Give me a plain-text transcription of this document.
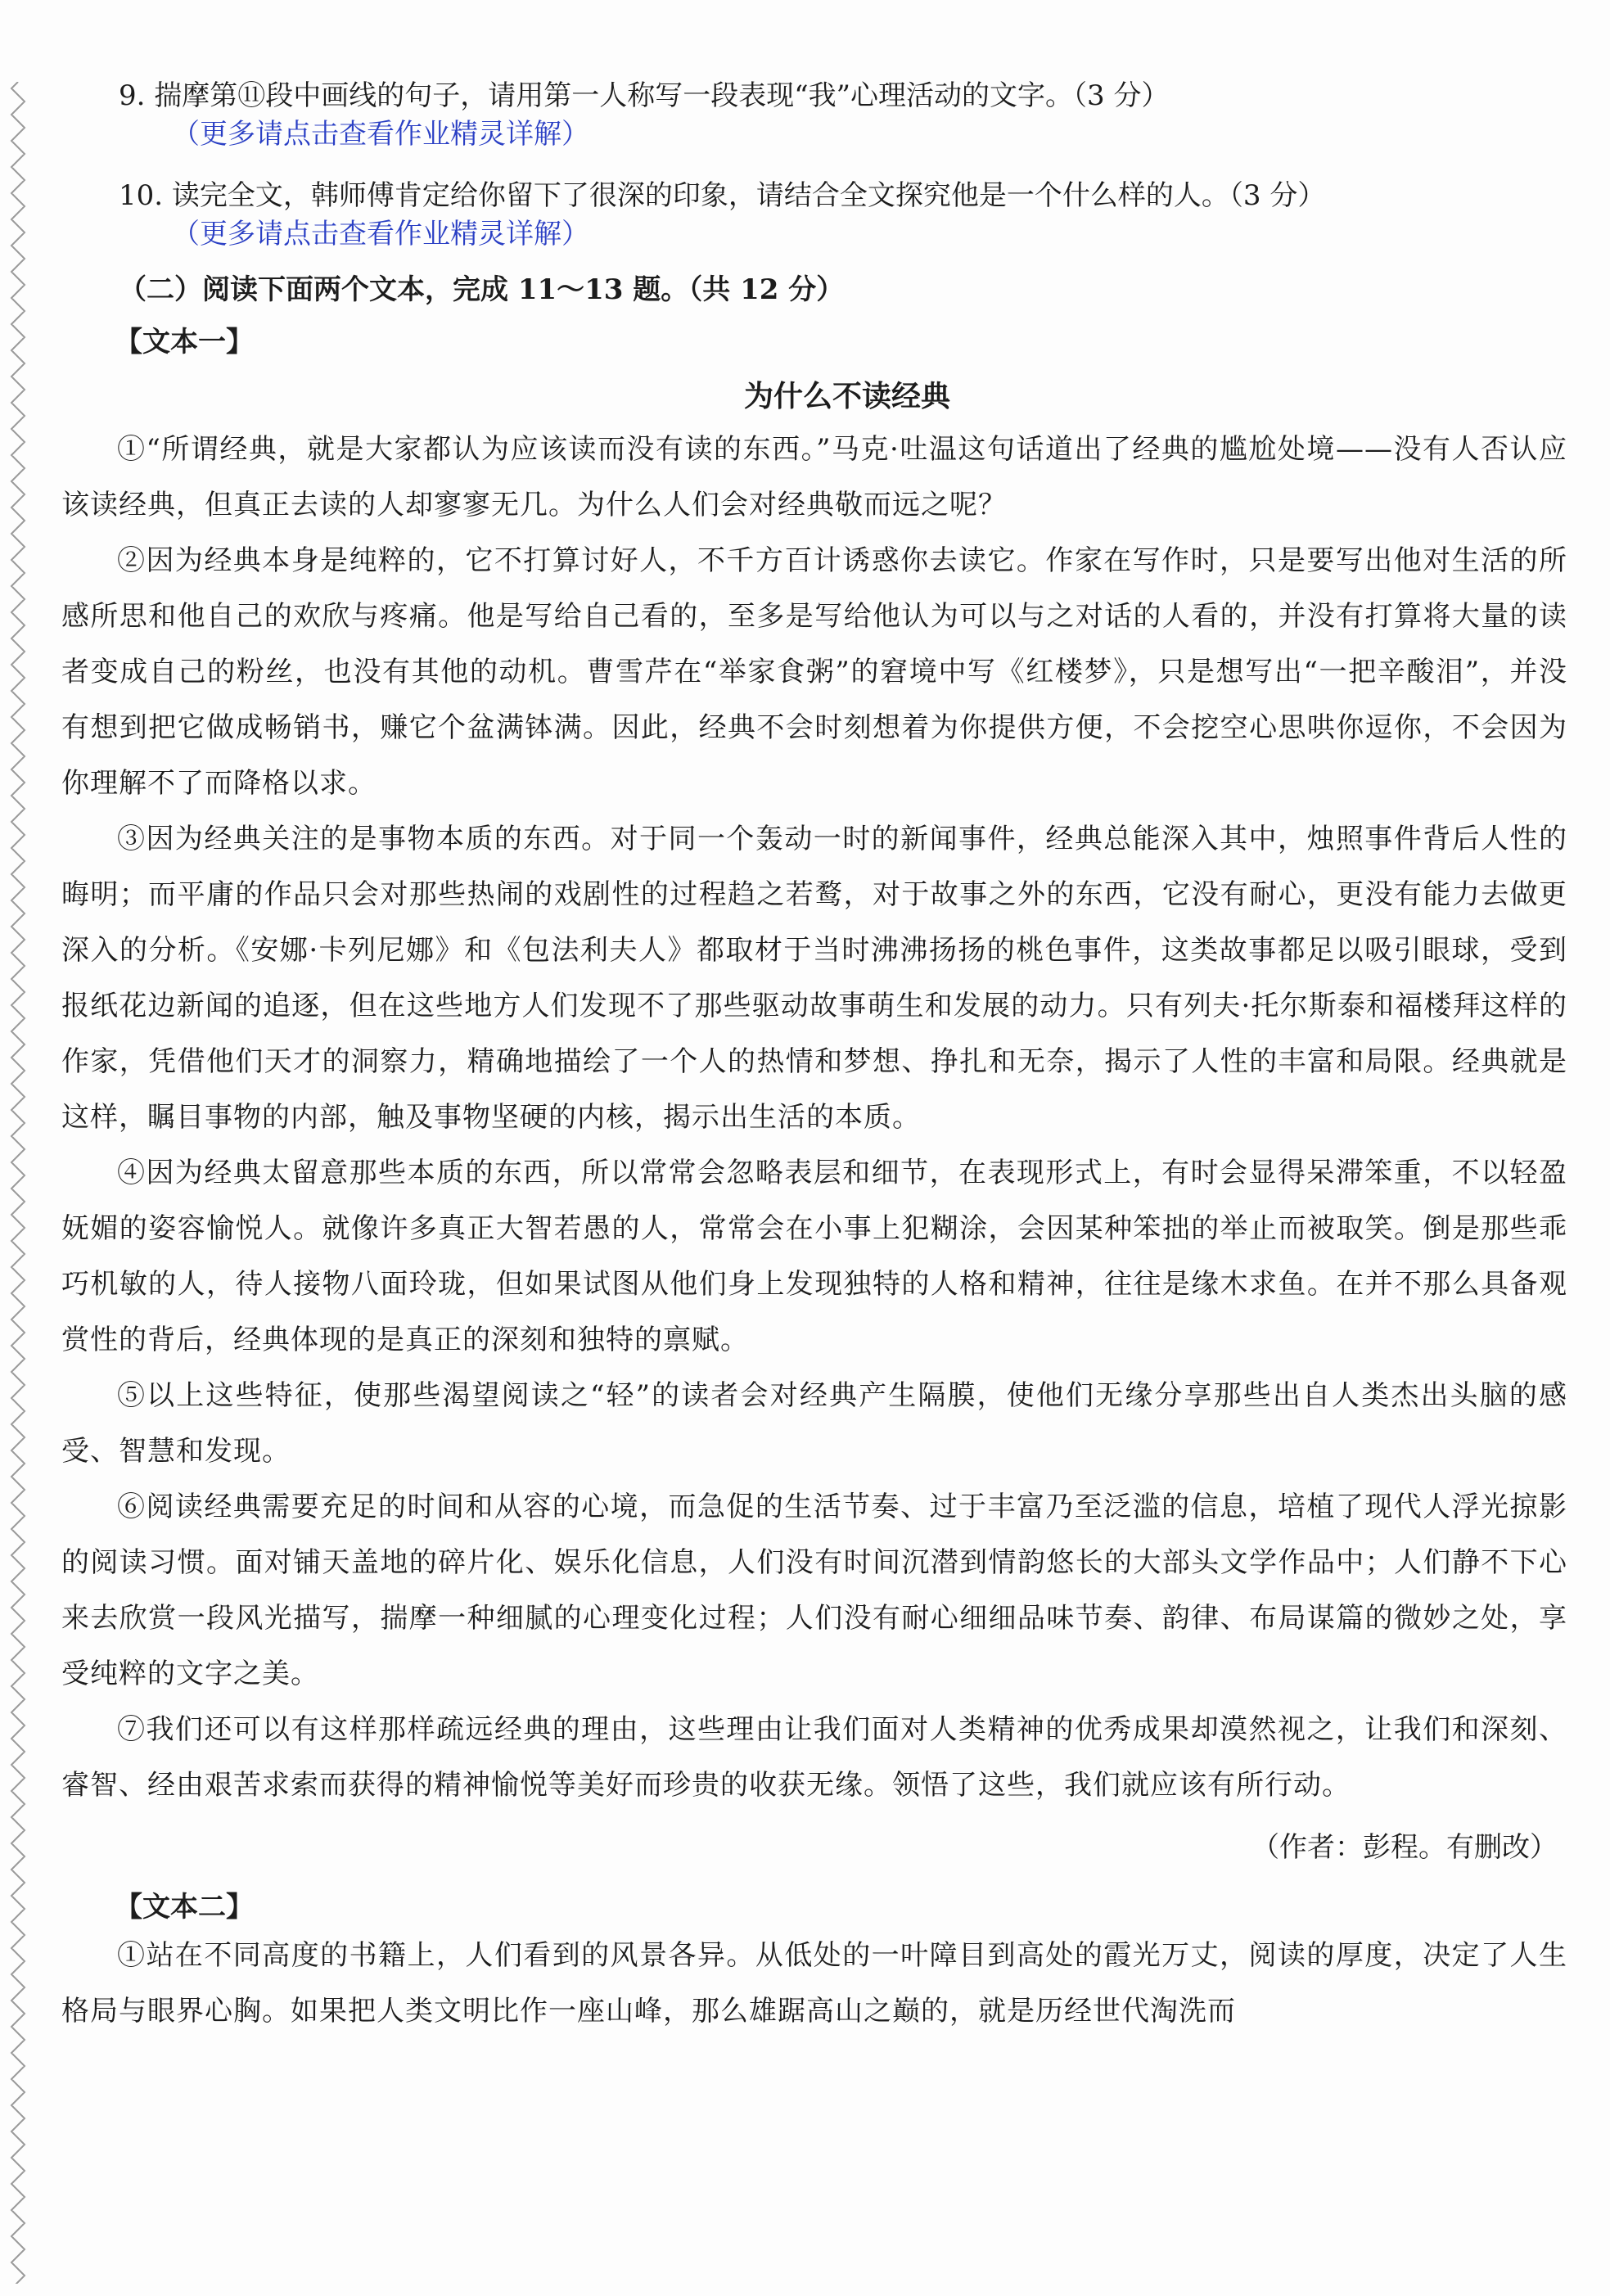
9. 揣摩第⑪段中画线的句子，请用第一人称写一段表现“我”心理活动的文字。（3 分）
（更多请点击查看作业精灵详解）
10. 读完全文，韩师傅肯定给你留下了很深的印象，请结合全文探究他是一个什么样的人。（3 分）
（更多请点击查看作业精灵详解）
（二）阅读下面两个文本，完成 11～13 题。（共 12 分）
【文本一】
为什么不读经典

①“所谓经典，就是大家都认为应该读而没有读的东西。”马克·吐温这句话道出了经典的尴尬处境——没有人否认应该读经典，但真正去读的人却寥寥无几。为什么人们会对经典敬而远之呢？

②因为经典本身是纯粹的，它不打算讨好人，不千方百计诱惑你去读它。作家在写作时，只是要写出他对生活的所感所思和他自己的欢欣与疼痛。他是写给自己看的，至多是写给他认为可以与之对话的人看的，并没有打算将大量的读者变成自己的粉丝，也没有其他的动机。曹雪芹在“举家食粥”的窘境中写《红楼梦》，只是想写出“一把辛酸泪”，并没有想到把它做成畅销书，赚它个盆满钵满。因此，经典不会时刻想着为你提供方便，不会挖空心思哄你逗你，不会因为你理解不了而降格以求。

③因为经典关注的是事物本质的东西。对于同一个轰动一时的新闻事件，经典总能深入其中，烛照事件背后人性的晦明；而平庸的作品只会对那些热闹的戏剧性的过程趋之若鹜，对于故事之外的东西，它没有耐心，更没有能力去做更深入的分析。《安娜·卡列尼娜》和《包法利夫人》都取材于当时沸沸扬扬的桃色事件，这类故事都足以吸引眼球，受到报纸花边新闻的追逐，但在这些地方人们发现不了那些驱动故事萌生和发展的动力。只有列夫·托尔斯泰和福楼拜这样的作家，凭借他们天才的洞察力，精确地描绘了一个人的热情和梦想、挣扎和无奈，揭示了人性的丰富和局限。经典就是这样，瞩目事物的内部，触及事物坚硬的内核，揭示出生活的本质。

④因为经典太留意那些本质的东西，所以常常会忽略表层和细节，在表现形式上，有时会显得呆滞笨重，不以轻盈妩媚的姿容愉悦人。就像许多真正大智若愚的人，常常会在小事上犯糊涂，会因某种笨拙的举止而被取笑。倒是那些乖巧机敏的人，待人接物八面玲珑，但如果试图从他们身上发现独特的人格和精神，往往是缘木求鱼。在并不那么具备观赏性的背后，经典体现的是真正的深刻和独特的禀赋。

⑤以上这些特征，使那些渴望阅读之“轻”的读者会对经典产生隔膜，使他们无缘分享那些出自人类杰出头脑的感受、智慧和发现。

⑥阅读经典需要充足的时间和从容的心境，而急促的生活节奏、过于丰富乃至泛滥的信息，培植了现代人浮光掠影的阅读习惯。面对铺天盖地的碎片化、娱乐化信息，人们没有时间沉潜到情韵悠长的大部头文学作品中；人们静不下心来去欣赏一段风光描写，揣摩一种细腻的心理变化过程；人们没有耐心细细品味节奏、韵律、布局谋篇的微妙之处，享受纯粹的文字之美。

⑦我们还可以有这样那样疏远经典的理由，这些理由让我们面对人类精神的优秀成果却漠然视之，让我们和深刻、睿智、经由艰苦求索而获得的精神愉悦等美好而珍贵的收获无缘。领悟了这些，我们就应该有所行动。

（作者：彭程。有删改）
【文本二】

①站在不同高度的书籍上，人们看到的风景各异。从低处的一叶障目到高处的霞光万丈，阅读的厚度，决定了人生格局与眼界心胸。如果把人类文明比作一座山峰，那么雄踞高山之巅的，就是历经世代淘洗而
